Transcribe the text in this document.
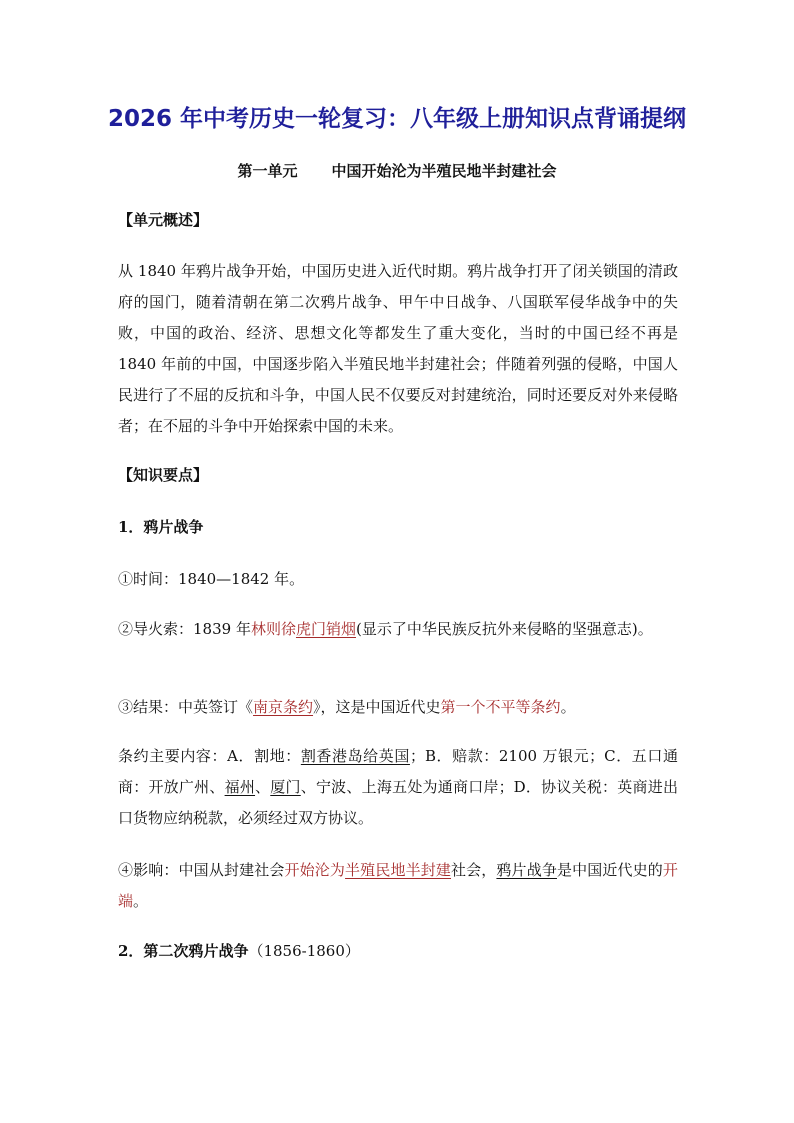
2026 年中考历史一轮复习：八年级上册知识点背诵提纲
第一单元 中国开始沦为半殖民地半封建社会
【单元概述】
从 1840 年鸦片战争开始，中国历史进入近代时期。鸦片战争打开了闭关锁国的清政府的国门，随着清朝在第二次鸦片战争、甲午中日战争、八国联军侵华战争中的失败，中国的政治、经济、思想文化等都发生了重大变化，当时的中国已经不再是 1840 年前的中国，中国逐步陷入半殖民地半封建社会；伴随着列强的侵略，中国人民进行了不屈的反抗和斗争，中国人民不仅要反对封建统治，同时还要反对外来侵略者；在不屈的斗争中开始探索中国的未来。
【知识要点】
1．鸦片战争
①时间：1840—1842 年。
②导火索：1839 年林则徐虎门销烟(显示了中华民族反抗外来侵略的坚强意志)。
③结果：中英签订《南京条约》，这是中国近代史第一个不平等条约。
条约主要内容：A．割地：割香港岛给英国；B．赔款：2100 万银元；C．五口通商：开放广州、福州、厦门、宁波、上海五处为通商口岸；D．协议关税：英商进出口货物应纳税款，必须经过双方协议。
④影响：中国从封建社会开始沦为半殖民地半封建社会，鸦片战争是中国近代史的开端。
2．第二次鸦片战争（1856-1860）
